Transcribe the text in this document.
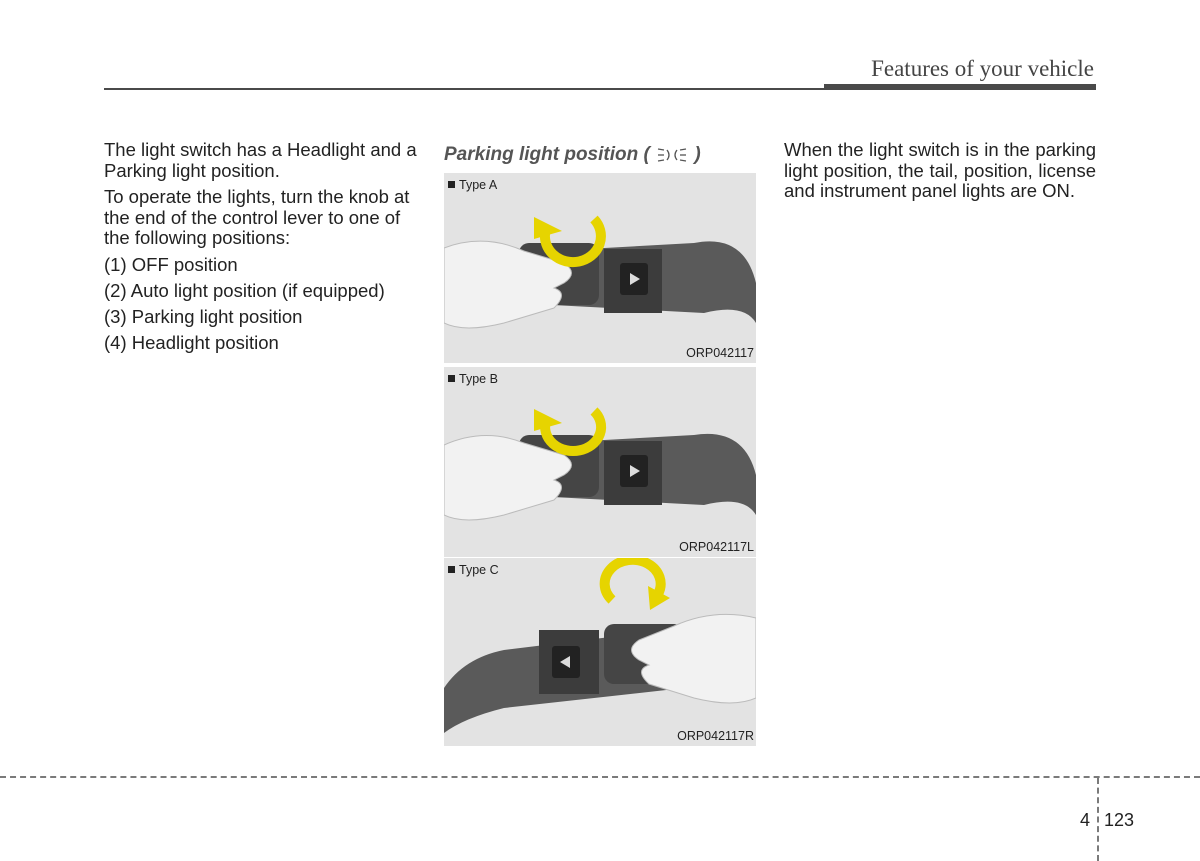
Features of your vehicle

The light switch has a Headlight and a Parking light position.

To operate the lights, turn the knob at the end of the control lever to one of the following positions:

(1) OFF position
(2) Auto light position (if equipped)
(3) Parking light position
(4) Headlight position
Parking light position ( )
Type A
ORP042117
Type B
ORP042117L
Type C
ORP042117R

When the light switch is in the parking light position, the tail, position, license and instrument panel lights are ON.

4 123
